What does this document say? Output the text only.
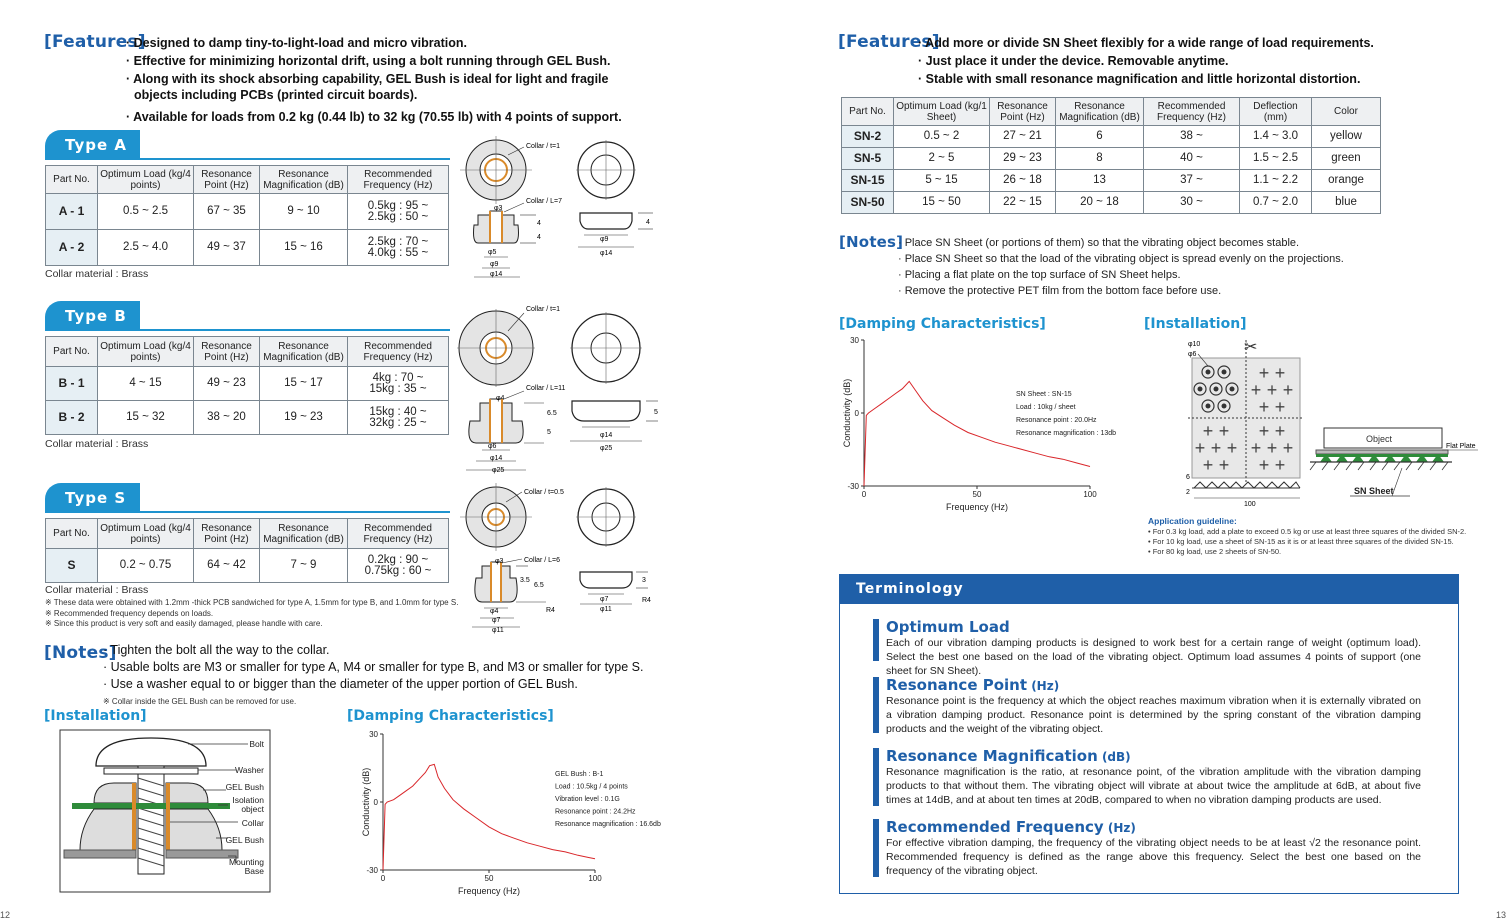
[Features]
· Designed to damp tiny-to-light-load and micro vibration.
· Effective for minimizing horizontal drift, using a bolt running through GEL Bush.
· Along with its shock absorbing capability, GEL Bush is ideal for light and fragile
objects including PCBs (printed circuit boards).
· Available for loads from 0.2 kg (0.44 lb) to 32 kg (70.55 lb) with 4 points of support.
Type A
Part No.	Optimum Load (kg/4 points)	Resonance Point (Hz)	Resonance Magnification (dB)	Recommended Frequency (Hz)
A - 1	0.5 ~ 2.5	67 ~ 35	9 ~ 10	0.5kg : 95 ~
2.5kg : 50 ~

A - 2	2.5 ~ 4.0	49 ~ 37	15 ~ 16	2.5kg : 70 ~
4.0kg : 55 ~
Collar material : Brass
Type B
Part No.	Optimum Load (kg/4 points)	Resonance Point (Hz)	Resonance Magnification (dB)	Recommended Frequency (Hz)
B - 1	4 ~ 15	49 ~ 23	15 ~ 17	4kg : 70 ~
15kg : 35 ~

B - 2	15 ~ 32	38 ~ 20	19 ~ 23	15kg : 40 ~
32kg : 25 ~
Collar material : Brass
Type S
Part No.	Optimum Load (kg/4 points)	Resonance Point (Hz)	Resonance Magnification (dB)	Recommended Frequency (Hz)
S	0.2 ~ 0.75	64 ~ 42	7 ~ 9	0.2kg : 90 ~
0.75kg : 60 ~
Collar material : Brass
※ These data were obtained with 1.2mm -thick PCB sandwiched for type A, 1.5mm for type B, and 1.0mm for type S.
※ Recommended frequency depends on loads.
※ Since this product is very soft and easily damaged, please handle with care.
[Notes]
· Tighten the bolt all the way to the collar.
· Usable bolts are M3 or smaller for type A, M4 or smaller for type B, and M3 or smaller for type S.
· Use a washer equal to or bigger than the diameter of the upper portion of GEL Bush.
※ Collar inside the GEL Bush can be removed for use.
[Installation]	[Damping Characteristics]
Bolt
Washer
GEL Bush
Isolation
object
Collar
GEL Bush
Mounting
Base
30
0
-30
0	50	100
Frequency (Hz)
Conductivity (dB)	GEL Bush : B-1
Load : 10.5kg / 4 points
Vibration level : 0.1G
Resonance point : 24.2Hz
Resonance magnification : 16.6db
Collar / t=1
Collar / L=7
φ3
4
4
φ5
φ9
φ14
φ9
φ14
4
Collar / t=1
Collar / L=11
φ4
6.5
5
φ6
φ14
φ25
φ14
φ25
5
Collar / t=0.5
Collar / L=6
φ3
3.5
6.5
φ4
φ7
φ11
φ7
φ11
3
R4
R4
12
[Features]
· Add more or divide SN Sheet flexibly for a wide range of load requirements.
· Just place it under the device. Removable anytime.
· Stable with small resonance magnification and little horizontal distortion.
Part No.	Optimum Load (kg/1 Sheet)	Resonance Point (Hz)	Resonance Magnification (dB)	Recommended Frequency (Hz)	Deflection (mm)	Color
SN-2	0.5 ~ 2	27 ~ 21	6	38 ~	1.4 ~ 3.0	yellow
SN-5	2 ~ 5	29 ~ 23	8	40 ~	1.5 ~ 2.5	green
SN-15	5 ~ 15	26 ~ 18	13	37 ~	1.1 ~ 2.2	orange
SN-50	15 ~ 50	22 ~ 15	20 ~ 18	30 ~	0.7 ~ 2.0	blue
[Notes]
· Place SN Sheet (or portions of them) so that the vibrating object becomes stable.
· Place SN Sheet so that the load of the vibrating object is spread evenly on the projections.
· Placing a flat plate on the top surface of SN Sheet helps.
· Remove the protective PET film from the bottom face before use.
[Damping Characteristics]	[Installation]
30
0
-30
0	50	100
Frequency (Hz)
Conductivity (dB)	SN Sheet : SN-15
Load : 10kg / sheet
Resonance point : 20.0Hz
Resonance magnification : 13db
✂
+ +
+ + +
+ +
+ +
+ + +
+ +
+ +
+ + +
+ +
φ10
φ6
Object
Flat Plate
SN Sheet
6
2
100
Application guideline:
• For 0.3 kg load, add a plate to exceed 0.5 kg or use at least three squares of the divided SN-2.
• For 10 kg load, use a sheet of SN-15 as it is or at least three squares of the divided SN-15.
• For 80 kg load, use 2 sheets of SN-50.
Terminology
Optimum Load
Each of our vibration damping products is designed to work best for a certain range of weight (optimum load). Select the best one based on the load of the vibrating object. Optimum load assumes 4 points of support (one sheet for SN Sheet).
Resonance Point (Hz)
Resonance point is the frequency at which the object reaches maximum vibration when it is externally vibrated on a vibration damping product. Resonance point is determined by the spring constant of the vibration damping products and the weight of the vibrating object.
Resonance Magnification (dB)
Resonance magnification is the ratio, at resonance point, of the vibration amplitude with the vibration damping products to that without them. The vibrating object will vibrate at about twice the amplitude at 6dB, at about five times at 14dB, and at about ten times at 20dB, compared to when no vibration damping products are used.
Recommended Frequency (Hz)
For effective vibration damping, the frequency of the vibrating object needs to be at least √2 the resonance point. Recommended frequency is defined as the range above this frequency. Select the best one based on the frequency of the vibrating object.
13
